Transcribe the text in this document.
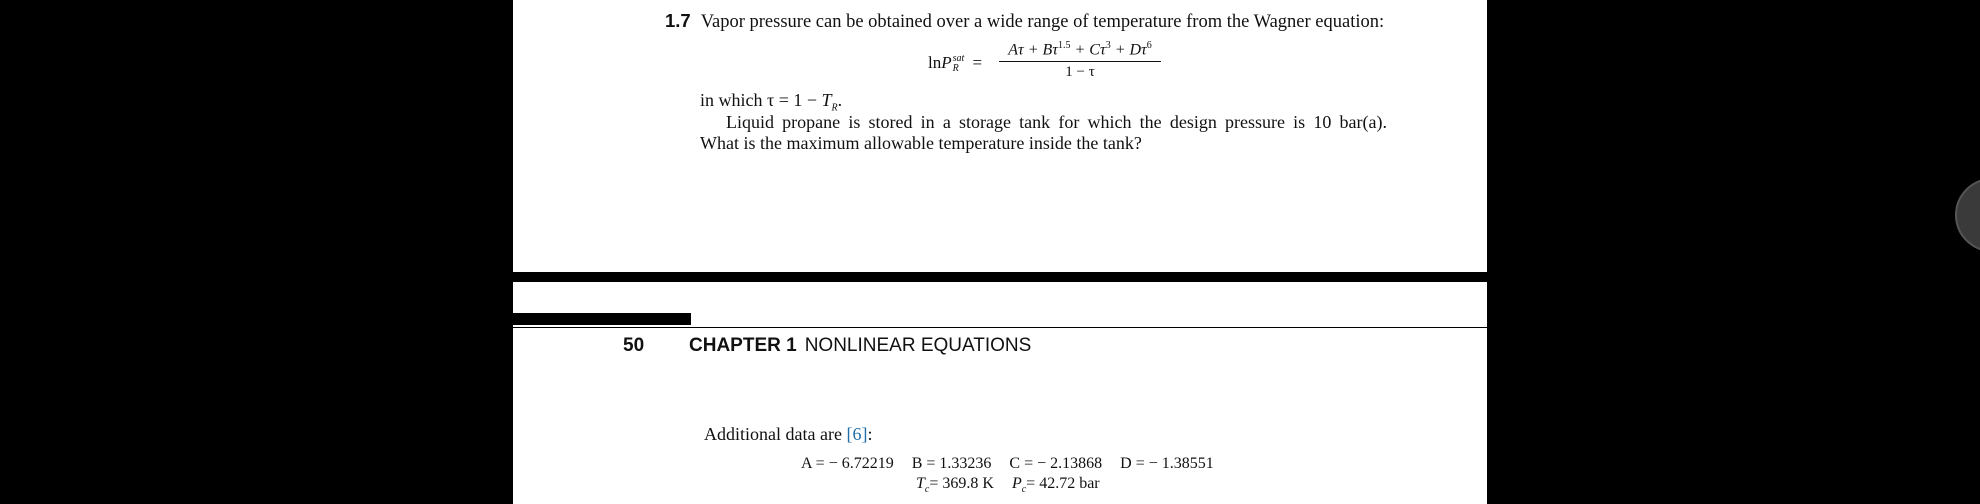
1.7 Vapor pressure can be obtained over a wide range of temperature from the Wagner equation:
lnP sat
R =
$A\tau + B\tau^{1.5} + C\tau^3 + D\tau^6$
1 − τ
in which $\tau = 1 - T_R$.
Liquid propane is stored in a storage tank for which the design pressure is 10 bar(a).
What is the maximum allowable temperature inside the tank?
50 CHAPTER 1 NONLINEAR EQUATIONS
Additional data are [6]:
A = − 6.72219 B = 1.33236 C = − 2.13868 D = − 1.38551
$T_c= 369.8$ K $P_c= 42.72$ bar
